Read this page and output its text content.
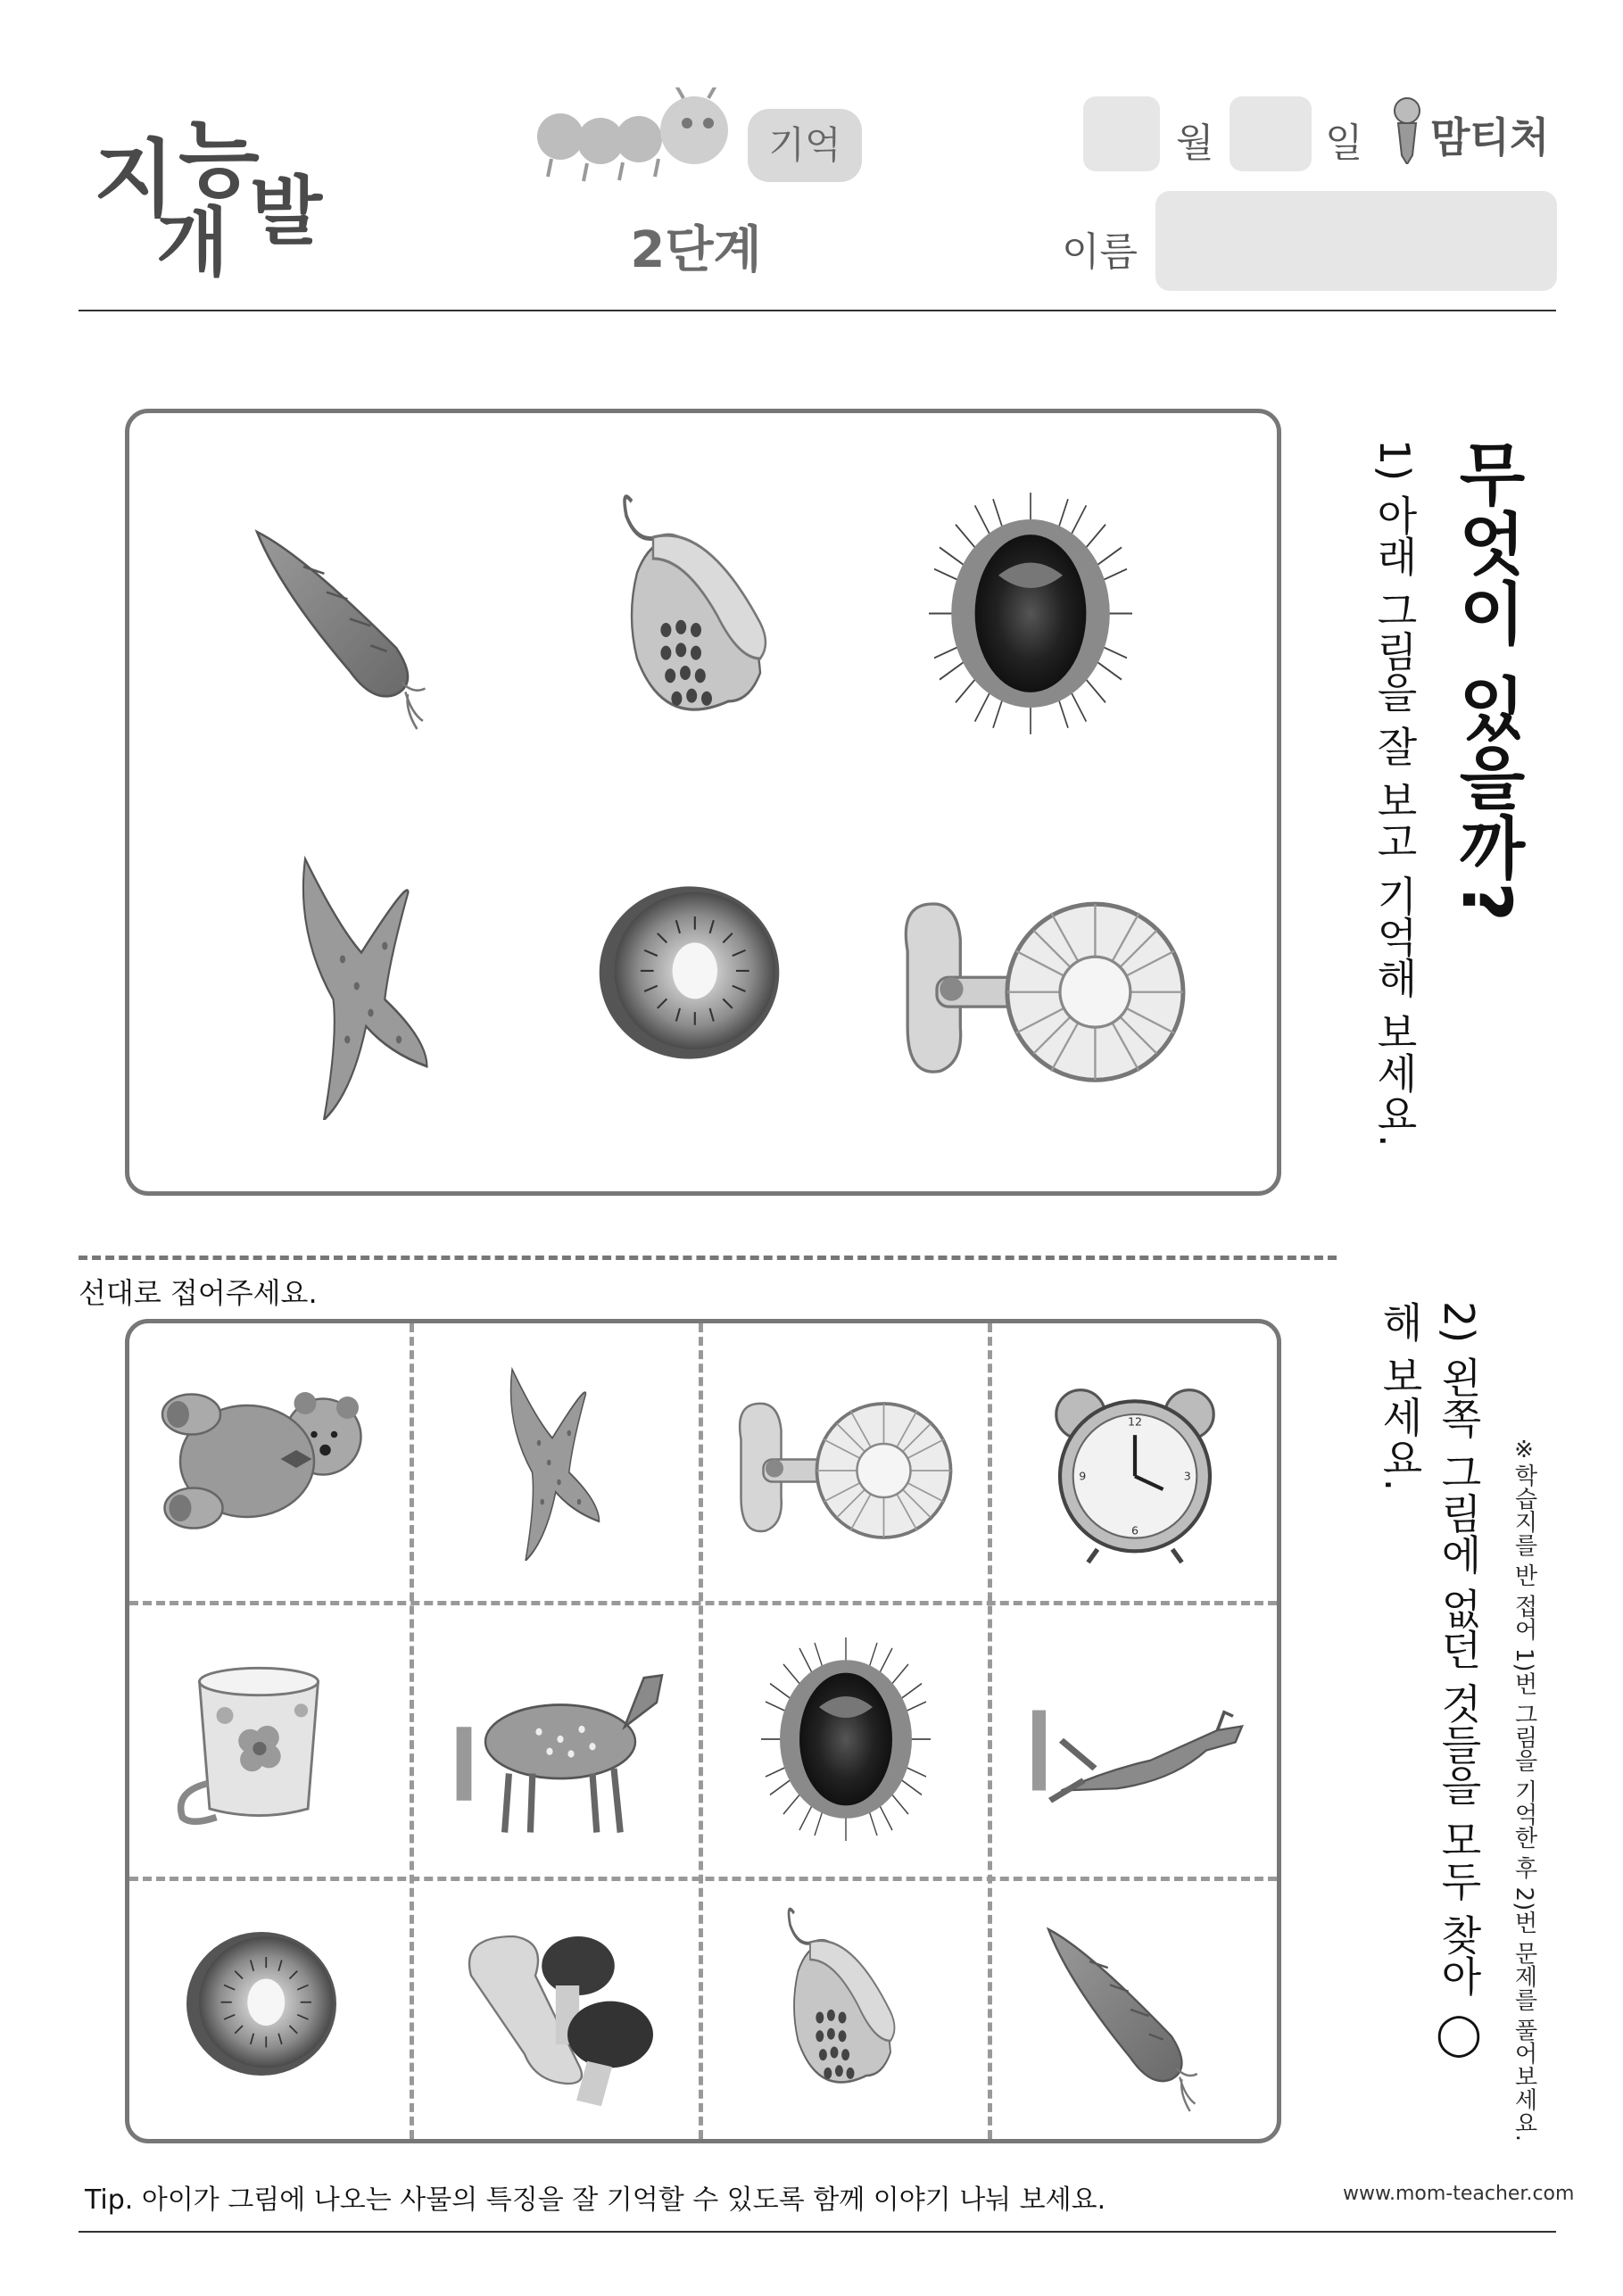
지 능
발
개
기억
2단계
월	일 맘티처
이름
무엇이 있을까?
1) 아래 그림을 잘 보고 기억해 보세요.
선대로 접어주세요.
2) 왼쪽 그림에 없던 것들을 모두 찾아 ◯해 보세요.
※학습지를 반 접어 1)번 그림을 기억한 후 2)번 문제를 풀어보세요.
Tip. 아이가 그림에 나오는 사물의 특징을 잘 기억할 수 있도록 함께 이야기 나눠 보세요.	www.mom-teacher.com
